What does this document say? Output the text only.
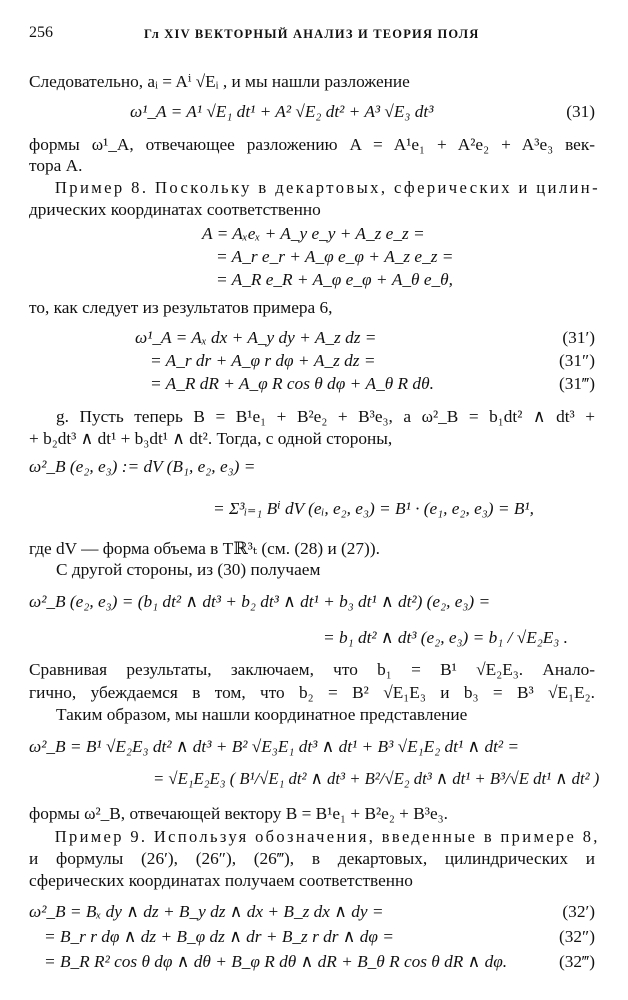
256	Гл XIV ВЕКТОРНЫЙ АНАЛИЗ И ТЕОРИЯ ПОЛЯ
Следовательно, aᵢ = Aⁱ √Eᵢ , и мы нашли разложение
ω¹_A = A¹ √E₁ dt¹ + A² √E₂ dt² + A³ √E₃ dt³	(31)
формы ω¹_A, отвечающее разложению A = A¹e₁ + A²e₂ + A³e₃ век-
тора A.
Пример 8. Поскольку в декартовых, сферических и цилин-
дрических координатах соответственно
A = Aₓeₓ + A_y e_y + A_z e_z =
= A_r e_r + A_φ e_φ + A_z e_z =
= A_R e_R + A_φ e_φ + A_θ e_θ,
то, как следует из результатов примера 6,
ω¹_A = Aₓ dx + A_y dy + A_z dz =	(31′)
= A_r dr + A_φ r dφ + A_z dz =	(31″)
= A_R dR + A_φ R cos θ dφ + A_θ R dθ.	(31‴)
g. Пусть теперь B = B¹e₁ + B²e₂ + B³e₃, а ω²_B = b₁dt² ∧ dt³ +
+ b₂dt³ ∧ dt¹ + b₃dt¹ ∧ dt². Тогда, с одной стороны,
ω²_B (e₂, e₃) := dV (B₁, e₂, e₃) =
= Σ³ᵢ₌₁ Bⁱ dV (eᵢ, e₂, e₃) = B¹ · (e₁, e₂, e₃) = B¹,
где dV — форма объема в Tℝ³ₜ (см. (28) и (27)).
С другой стороны, из (30) получаем
ω²_B (e₂, e₃) = (b₁ dt² ∧ dt³ + b₂ dt³ ∧ dt¹ + b₃ dt¹ ∧ dt²) (e₂, e₃) =
= b₁ dt² ∧ dt³ (e₂, e₃) = b₁ / √E₂E₃ .
Сравнивая результаты, заключаем, что b₁ = B¹ √E₂E₃. Анало-
гично, убеждаемся в том, что b₂ = B² √E₁E₃ и b₃ = B³ √E₁E₂.
Таким образом, мы нашли координатное представление
ω²_B = B¹ √E₂E₃ dt² ∧ dt³ + B² √E₃E₁ dt³ ∧ dt¹ + B³ √E₁E₂ dt¹ ∧ dt² =
= √E₁E₂E₃ ( B¹/√E₁ dt² ∧ dt³ + B²/√E₂ dt³ ∧ dt¹ + B³/√E dt¹ ∧ dt² )
формы ω²_B, отвечающей вектору B = B¹e₁ + B²e₂ + B³e₃.
Пример 9. Используя обозначения, введенные в примере 8,
и формулы (26′), (26″), (26‴), в декартовых, цилиндрических и
сферических координатах получаем соответственно
ω²_B = Bₓ dy ∧ dz + B_y dz ∧ dx + B_z dx ∧ dy =	(32′)
= B_r r dφ ∧ dz + B_φ dz ∧ dr + B_z r dr ∧ dφ =	(32″)
= B_R R² cos θ dφ ∧ dθ + B_φ R dθ ∧ dR + B_θ R cos θ dR ∧ dφ.	(32‴)
